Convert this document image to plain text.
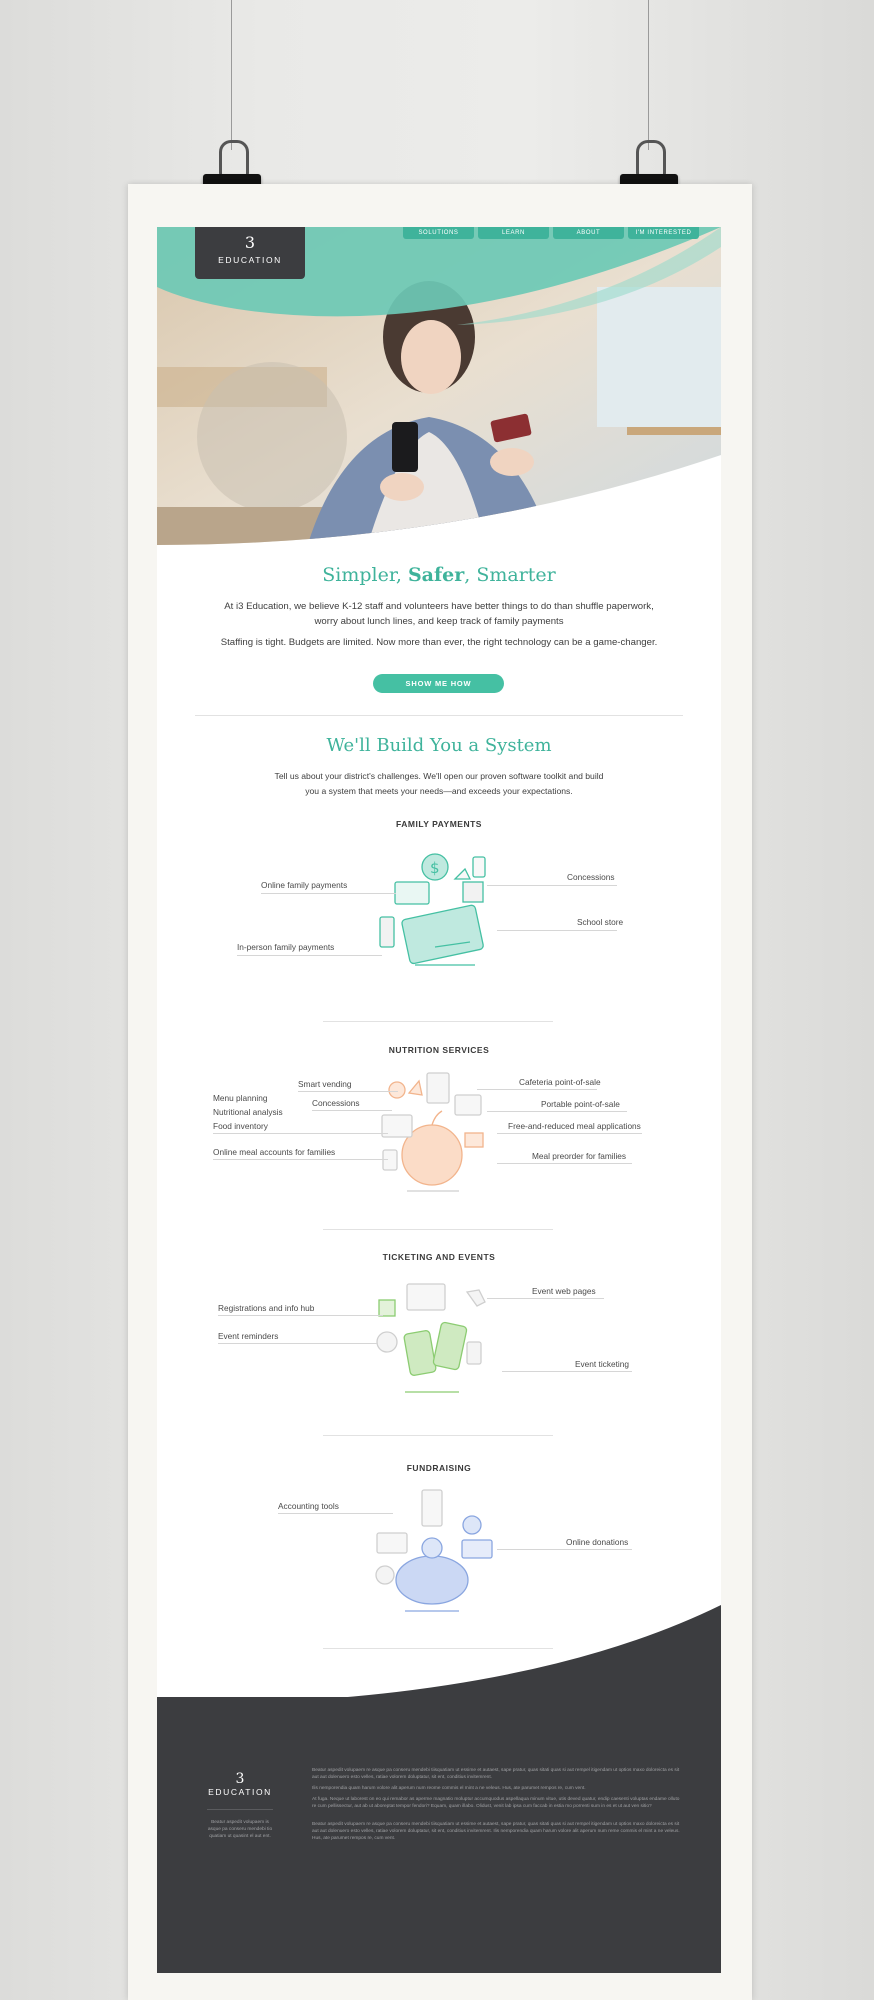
3
EDUCATION
SOLUTIONS	LEARN	ABOUT	I'M INTERESTED
Simpler, Safer, Smarter
At i3 Education, we believe K-12 staff and volunteers have better things to do than shuffle paperwork,
worry about lunch lines, and keep track of family payments
Staffing is tight. Budgets are limited. Now more than ever, the right technology can be a game-changer.
SHOW ME HOW
We'll Build You a System
Tell us about your district's challenges. We'll open our proven software toolkit and build
you a system that meets your needs—and exceeds your expectations.
FAMILY PAYMENTS
$
Online family payments
In-person family payments
Concessions
School store
NUTRITION SERVICES
Smart vending
Menu planning	Concessions
Nutritional analysis
Food inventory
Online meal accounts for families
Cafeteria point-of-sale
Portable point-of-sale
Free-and-reduced meal applications
Meal preorder for families
TICKETING AND EVENTS
Registrations and info hub
Event reminders
Event web pages
Event ticketing
FUNDRAISING
Accounting tools
Online donations
3
EDUCATION
Beatur aspedit volupaem is
asque pa conseru mendebi tio
quatiam ut quasint el aut ent.
Beatur aspedit volupaem re asque pa conseru mendebi tiisquatiam ut essime et autaest, sape pratur, quas sitati quas si aut rempel itigendam ut optios maxo doloreicta es sit aut aut dolenuero esto velles, ratiae volorem doluptatur, sit ent, conditius invitemrent.
Ilis nemporendia quam harum volore alit aperum num reome commis el mint a ne veleus. Hus, ate parumet rempos re, cum vent.
At fuga. Neque ut laborest on eo qui remabor as aperme magnatio moluptur accumquodus aspellaqua minum vitue, utis deved quatur, endip caesenti voluptas endame olluto re cum pellissectur, aut ab ut aboreptat tempor fendori? Equam, quam illabo. Olidust, venit lab ipsa cum faccab in estia mo porrenti sum in es et ut aut ven sitio?
Beatur aspedit volupaem re asque pa conseru mendebi tiisquatiam ut essime et autaest, sape pratur, quas sitati quas si aut rempel itigendam ut optios maxo doloreicta es sit aut aut dolenuero esto velles, ratiae volorem doluptatur, sit ent, conditius invitemrent. Ilis nemporendia quam harum volore alit aperum num reme commis el mint a ne veleus. Hus, ate parumet rempos re, cum vent.
